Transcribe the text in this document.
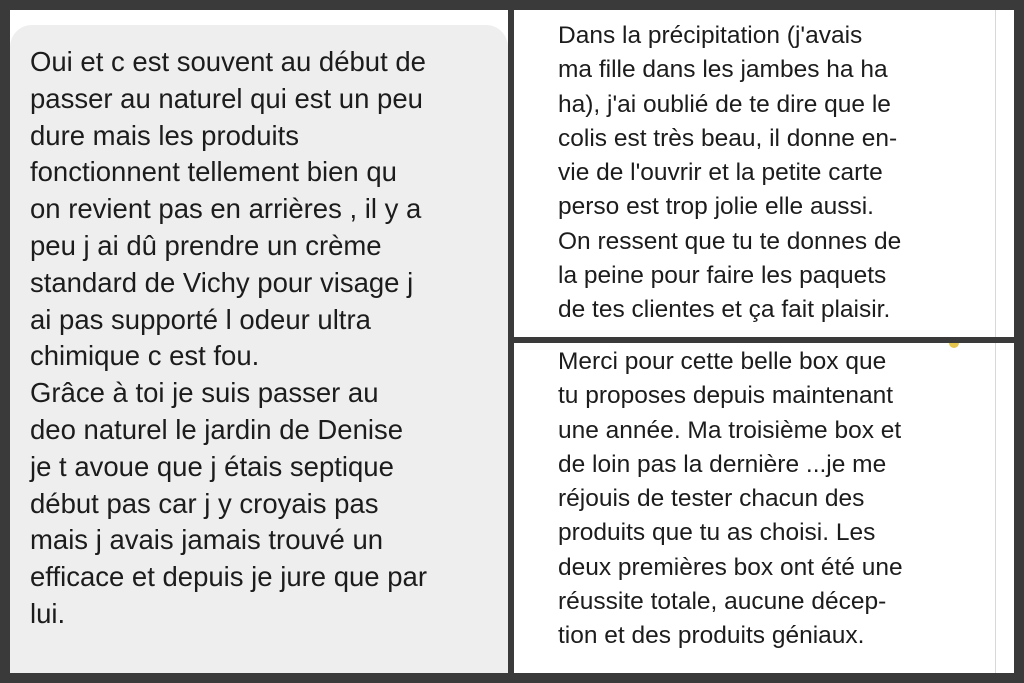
Oui et c est souvent au début de
passer au naturel qui est un peu
dure mais les produits
fonctionnent tellement bien qu
on revient pas en arrières , il y a
peu j ai dû prendre un crème
standard de Vichy pour visage j
ai pas supporté l odeur ultra
chimique c est fou.
Grâce à toi je suis passer au
deo naturel le jardin de Denise
je t avoue que j étais septique
début pas car j y croyais pas
mais j avais jamais trouvé un
efficace et depuis je jure que par
lui.

Dans la précipitation (j'avais
ma fille dans les jambes ha ha
ha), j'ai oublié de te dire que le
colis est très beau, il donne en-
vie de l'ouvrir et la petite carte
perso est trop jolie elle aussi.
On ressent que tu te donnes de
la peine pour faire les paquets
de tes clientes et ça fait plaisir.

Merci pour cette belle box que
tu proposes depuis maintenant
une année. Ma troisième box et
de loin pas la dernière ...je me
réjouis de tester chacun des
produits que tu as choisi. Les
deux premières box ont été une
réussite totale, aucune décep-
tion et des produits géniaux.
